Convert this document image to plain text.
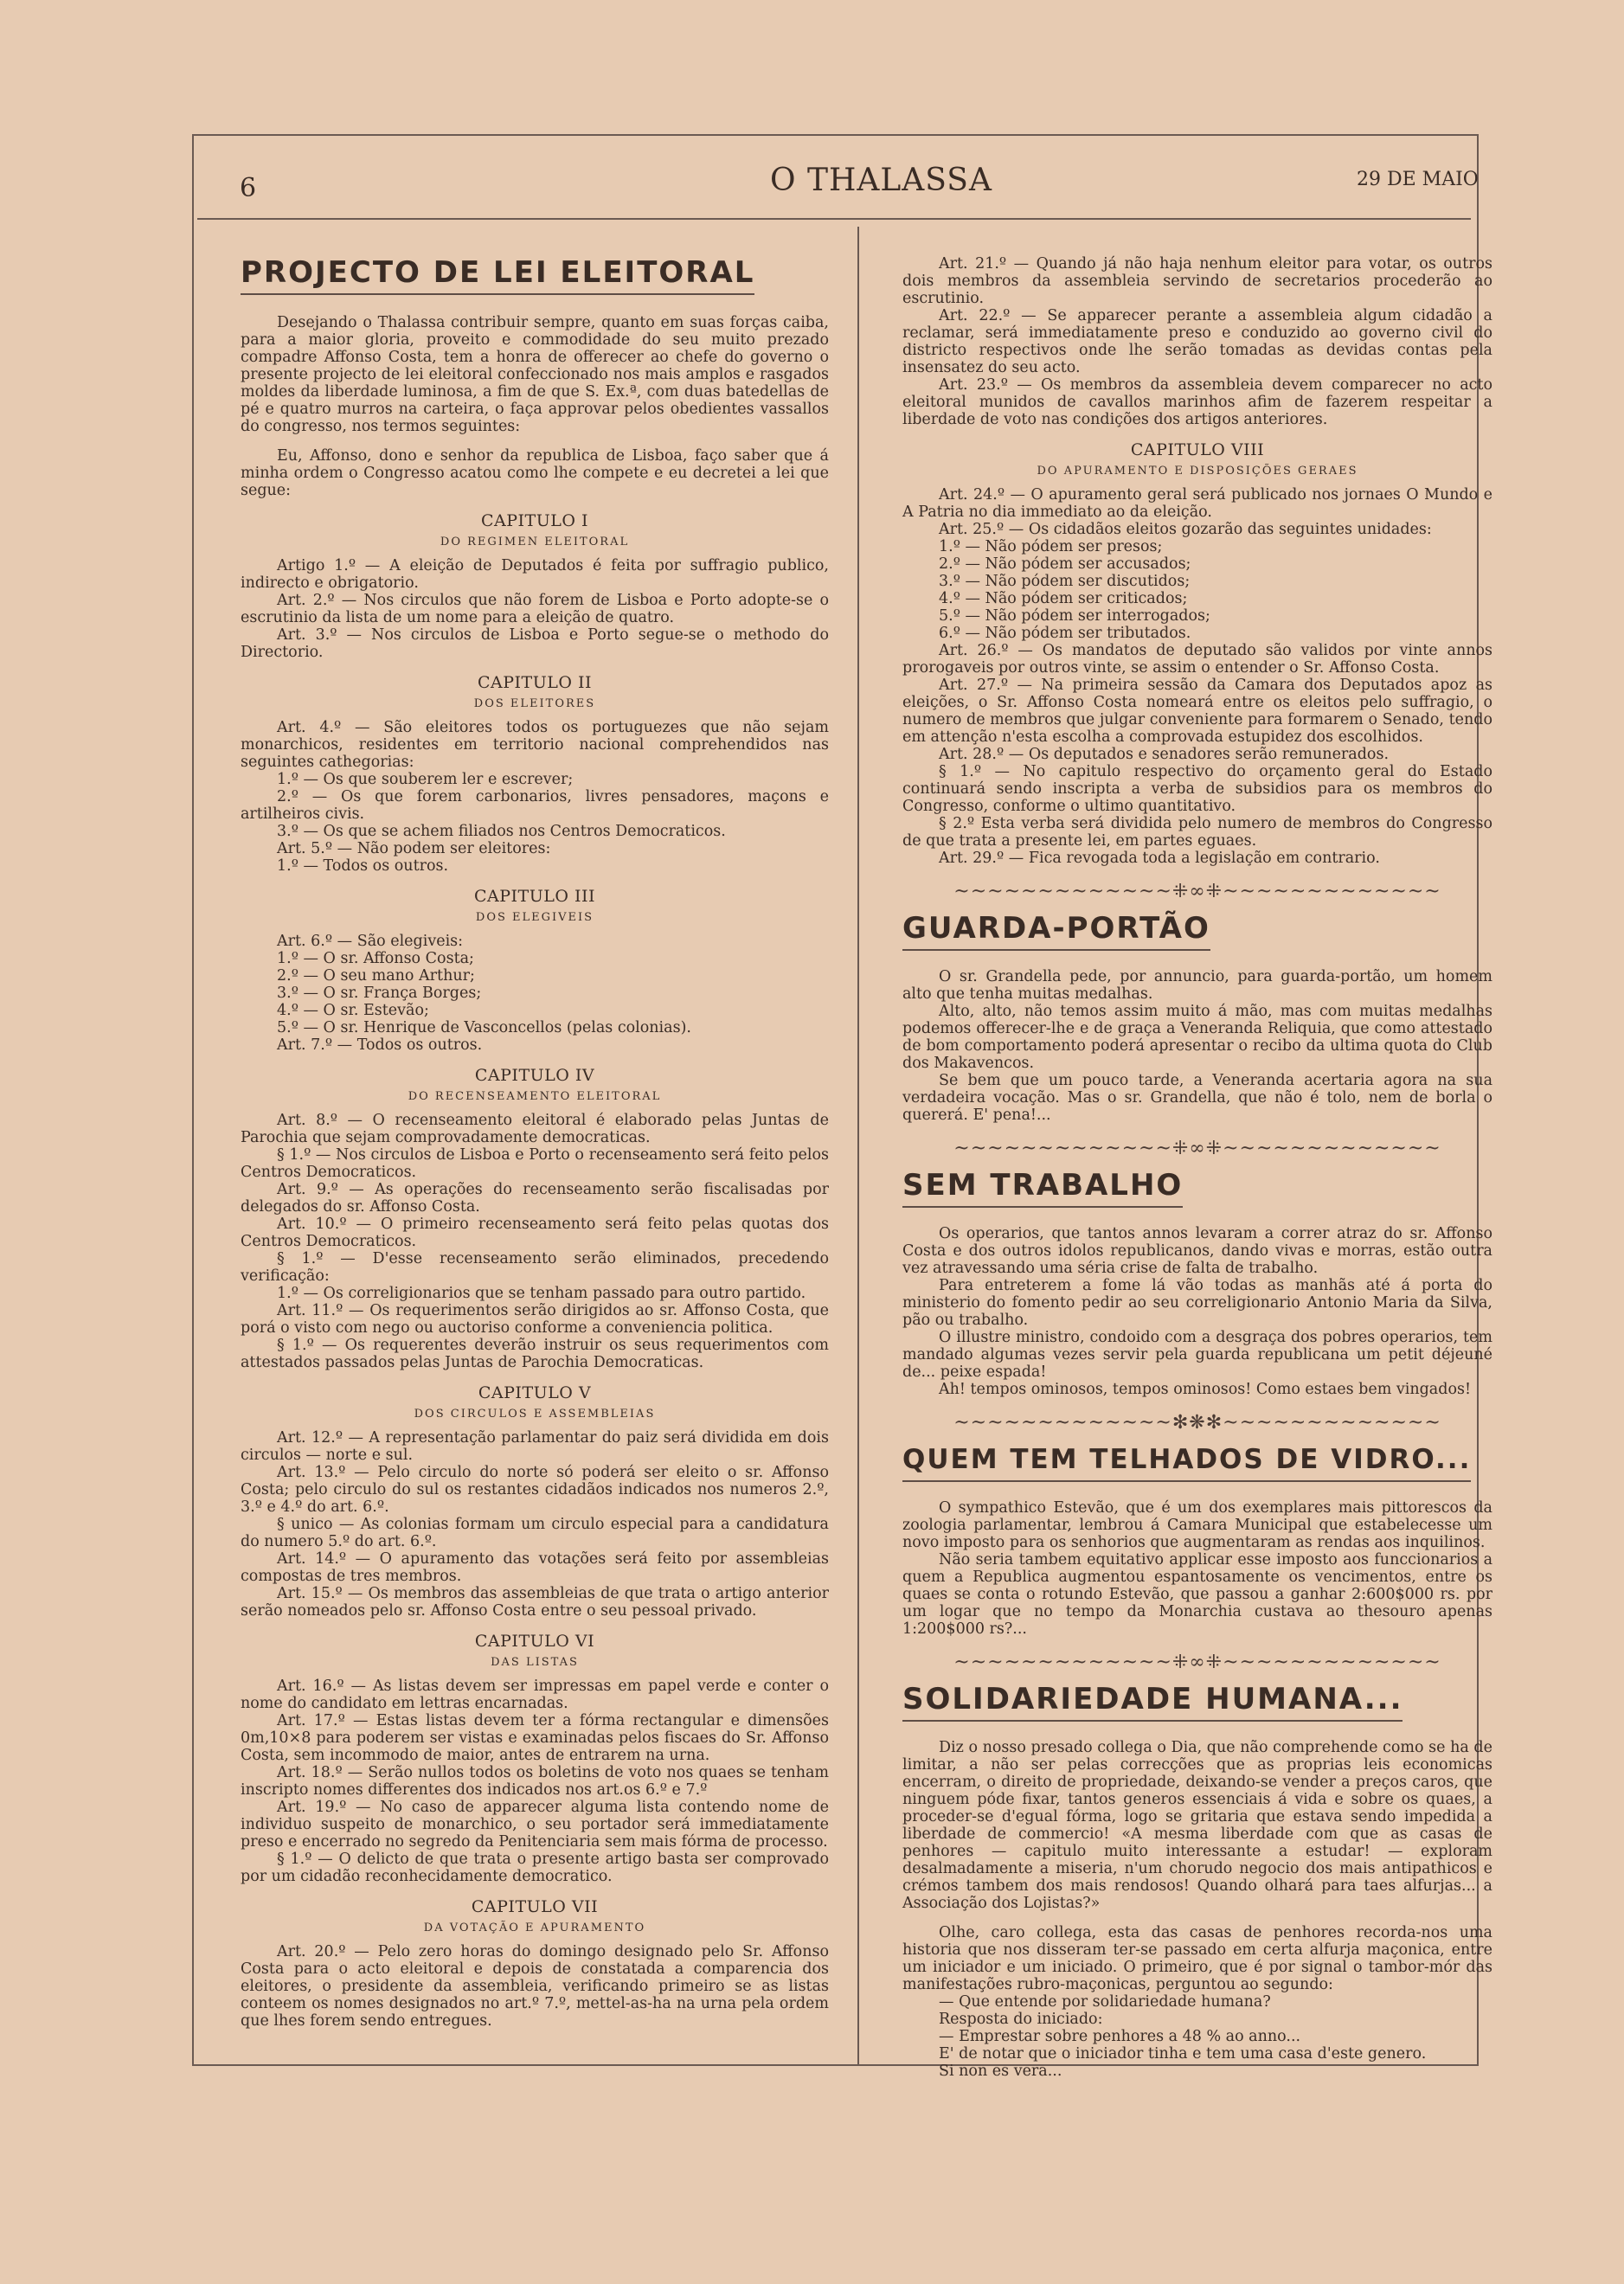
6	O THALASSA	29 DE MAIO
PROJECTO DE LEI ELEITORAL

Desejando o Thalassa contribuir sempre, quanto em suas forças caiba, para a maior gloria, proveito e commodidade do seu muito prezado compadre Affonso Costa, tem a honra de offerecer ao chefe do governo o presente projecto de lei eleitoral confeccionado nos mais amplos e rasgados moldes da liberdade luminosa, a fim de que S. Ex.ª, com duas batedellas de pé e quatro murros na carteira, o faça approvar pelos obedientes vassallos do congresso, nos termos seguintes:

Eu, Affonso, dono e senhor da republica de Lisboa, faço saber que á minha ordem o Congresso acatou como lhe compete e eu decretei a lei que segue:

CAPITULO I
DO REGIMEN ELEITORAL

Artigo 1.º — A eleição de Deputados é feita por suffragio publico, indirecto e obrigatorio.

Art. 2.º — Nos circulos que não forem de Lisboa e Porto adopte-se o escrutinio da lista de um nome para a eleição de quatro.

Art. 3.º — Nos circulos de Lisboa e Porto segue-se o methodo do Directorio.

CAPITULO II
DOS ELEITORES

Art. 4.º — São eleitores todos os portuguezes que não sejam monarchicos, residentes em territorio nacional comprehendidos nas seguintes cathegorias:

1.º — Os que souberem ler e escrever;

2.º — Os que forem carbonarios, livres pensadores, maçons e artilheiros civis.

3.º — Os que se achem filiados nos Centros Democraticos.

Art. 5.º — Não podem ser eleitores:

1.º — Todos os outros.

CAPITULO III
DOS ELEGIVEIS

Art. 6.º — São elegiveis:

1.º — O sr. Affonso Costa;

2.º — O seu mano Arthur;

3.º — O sr. França Borges;

4.º — O sr. Estevão;

5.º — O sr. Henrique de Vasconcellos (pelas colonias).

Art. 7.º — Todos os outros.

CAPITULO IV
DO RECENSEAMENTO ELEITORAL

Art. 8.º — O recenseamento eleitoral é elaborado pelas Juntas de Parochia que sejam comprovadamente democraticas.

§ 1.º — Nos circulos de Lisboa e Porto o recenseamento será feito pelos Centros Democraticos.

Art. 9.º — As operações do recenseamento serão fiscalisadas por delegados do sr. Affonso Costa.

Art. 10.º — O primeiro recenseamento será feito pelas quotas dos Centros Democraticos.

§ 1.º — D'esse recenseamento serão eliminados, precedendo verificação:

1.º — Os correligionarios que se tenham passado para outro partido.

Art. 11.º — Os requerimentos serão dirigidos ao sr. Affonso Costa, que porá o visto com nego ou auctoriso conforme a conveniencia politica.

§ 1.º — Os requerentes deverão instruir os seus requerimentos com attestados passados pelas Juntas de Parochia Democraticas.

CAPITULO V
DOS CIRCULOS E ASSEMBLEIAS

Art. 12.º — A representação parlamentar do paiz será dividida em dois circulos — norte e sul.

Art. 13.º — Pelo circulo do norte só poderá ser eleito o sr. Affonso Costa; pelo circulo do sul os restantes cidadãos indicados nos numeros 2.º, 3.º e 4.º do art. 6.º.

§ unico — As colonias formam um circulo especial para a candidatura do numero 5.º do art. 6.º.

Art. 14.º — O apuramento das votações será feito por assembleias compostas de tres membros.

Art. 15.º — Os membros das assembleias de que trata o artigo anterior serão nomeados pelo sr. Affonso Costa entre o seu pessoal privado.

CAPITULO VI
DAS LISTAS

Art. 16.º — As listas devem ser impressas em papel verde e conter o nome do candidato em lettras encarnadas.

Art. 17.º — Estas listas devem ter a fórma rectangular e dimensões 0m,10×8 para poderem ser vistas e examinadas pelos fiscaes do Sr. Affonso Costa, sem incommodo de maior, antes de entrarem na urna.

Art. 18.º — Serão nullos todos os boletins de voto nos quaes se tenham inscripto nomes differentes dos indicados nos art.os 6.º e 7.º

Art. 19.º — No caso de apparecer alguma lista contendo nome de individuo suspeito de monarchico, o seu portador será immediatamente preso e encerrado no segredo da Penitenciaria sem mais fórma de processo.

§ 1.º — O delicto de que trata o presente artigo basta ser comprovado por um cidadão reconhecidamente democratico.

CAPITULO VII
DA VOTAÇÃO E APURAMENTO

Art. 20.º — Pelo zero horas do domingo designado pelo Sr. Affonso Costa para o acto eleitoral e depois de constatada a comparencia dos eleitores, o presidente da assembleia, verificando primeiro se as listas conteem os nomes designados no art.º 7.º, mettel-as-ha na urna pela ordem que lhes forem sendo entregues.

Art. 21.º — Quando já não haja nenhum eleitor para votar, os outros dois membros da assembleia servindo de secretarios procederão ao escrutinio.

Art. 22.º — Se apparecer perante a assembleia algum cidadão a reclamar, será immediatamente preso e conduzido ao governo civil do districto respectivos onde lhe serão tomadas as devidas contas pela insensatez do seu acto.

Art. 23.º — Os membros da assembleia devem comparecer no acto eleitoral munidos de cavallos marinhos afim de fazerem respeitar a liberdade de voto nas condições dos artigos anteriores.

CAPITULO VIII
DO APURAMENTO E DISPOSIÇÕES GERAES

Art. 24.º — O apuramento geral será publicado nos jornaes O Mundo e A Patria no dia immediato ao da eleição.

Art. 25.º — Os cidadãos eleitos gozarão das seguintes unidades:

1.º — Não pódem ser presos;

2.º — Não pódem ser accusados;

3.º — Não pódem ser discutidos;

4.º — Não pódem ser criticados;

5.º — Não pódem ser interrogados;

6.º — Não pódem ser tributados.

Art. 26.º — Os mandatos de deputado são validos por vinte annos prorogaveis por outros vinte, se assim o entender o Sr. Affonso Costa.

Art. 27.º — Na primeira sessão da Camara dos Deputados apoz as eleições, o Sr. Affonso Costa nomeará entre os eleitos pelo suffragio, o numero de membros que julgar conveniente para formarem o Senado, tendo em attenção n'esta escolha a comprovada estupidez dos escolhidos.

Art. 28.º — Os deputados e senadores serão remunerados.

§ 1.º — No capitulo respectivo do orçamento geral do Estado continuará sendo inscripta a verba de subsidios para os membros do Congresso, conforme o ultimo quantitativo.

§ 2.º Esta verba será dividida pelo numero de membros do Congresso de que trata a presente lei, em partes eguaes.

Art. 29.º — Fica revogada toda a legislação em contrario.

~~~~~~~~~~~~~⁜∞⁜~~~~~~~~~~~~~
GUARDA-PORTÃO

O sr. Grandella pede, por annuncio, para guarda-portão, um homem alto que tenha muitas medalhas.

Alto, alto, não temos assim muito á mão, mas com muitas medalhas podemos offerecer-lhe e de graça a Veneranda Reliquia, que como attestado de bom comportamento poderá apresentar o recibo da ultima quota do Club dos Makavencos.

Se bem que um pouco tarde, a Veneranda acertaria agora na sua verdadeira vocação. Mas o sr. Grandella, que não é tolo, nem de borla o quererá. E' pena!...

~~~~~~~~~~~~~⁜∞⁜~~~~~~~~~~~~~
SEM TRABALHO

Os operarios, que tantos annos levaram a correr atraz do sr. Affonso Costa e dos outros idolos republicanos, dando vivas e morras, estão outra vez atravessando uma séria crise de falta de trabalho.

Para entreterem a fome lá vão todas as manhãs até á porta do ministerio do fomento pedir ao seu correligionario Antonio Maria da Silva, pão ou trabalho.

O illustre ministro, condoido com a desgraça dos pobres operarios, tem mandado algumas vezes servir pela guarda republicana um petit déjeuné de... peixe espada!

Ah! tempos ominosos, tempos ominosos! Como estaes bem vingados!

~~~~~~~~~~~~~✻❋✻~~~~~~~~~~~~~
QUEM TEM TELHADOS DE VIDRO...

O sympathico Estevão, que é um dos exemplares mais pittorescos da zoologia parlamentar, lembrou á Camara Municipal que estabelecesse um novo imposto para os senhorios que augmentaram as rendas aos inquilinos.

Não seria tambem equitativo applicar esse imposto aos funccionarios a quem a Republica augmentou espantosamente os vencimentos, entre os quaes se conta o rotundo Estevão, que passou a ganhar 2:600$000 rs. por um logar que no tempo da Monarchia custava ao thesouro apenas 1:200$000 rs?...

~~~~~~~~~~~~~⁜∞⁜~~~~~~~~~~~~~
SOLIDARIEDADE HUMANA...

Diz o nosso presado collega o Dia, que não comprehende como se ha de limitar, a não ser pelas correcções que as proprias leis economicas encerram, o direito de propriedade, deixando-se vender a preços caros, que ninguem póde fixar, tantos generos essenciais á vida e sobre os quaes, a proceder-se d'egual fórma, logo se gritaria que estava sendo impedida a liberdade de commercio! «A mesma liberdade com que as casas de penhores — capitulo muito interessante a estudar! — exploram desalmadamente a miseria, n'um chorudo negocio dos mais antipathicos e crémos tambem dos mais rendosos! Quando olhará para taes alfurjas... a Associação dos Lojistas?»

Olhe, caro collega, esta das casas de penhores recorda-nos uma historia que nos disseram ter-se passado em certa alfurja maçonica, entre um iniciador e um iniciado. O primeiro, que é por signal o tambor-mór das manifestações rubro-maçonicas, perguntou ao segundo:

— Que entende por solidariedade humana?

Resposta do iniciado:

— Emprestar sobre penhores a 48 % ao anno...

E' de notar que o iniciador tinha e tem uma casa d'este genero.

Si non es vera...
